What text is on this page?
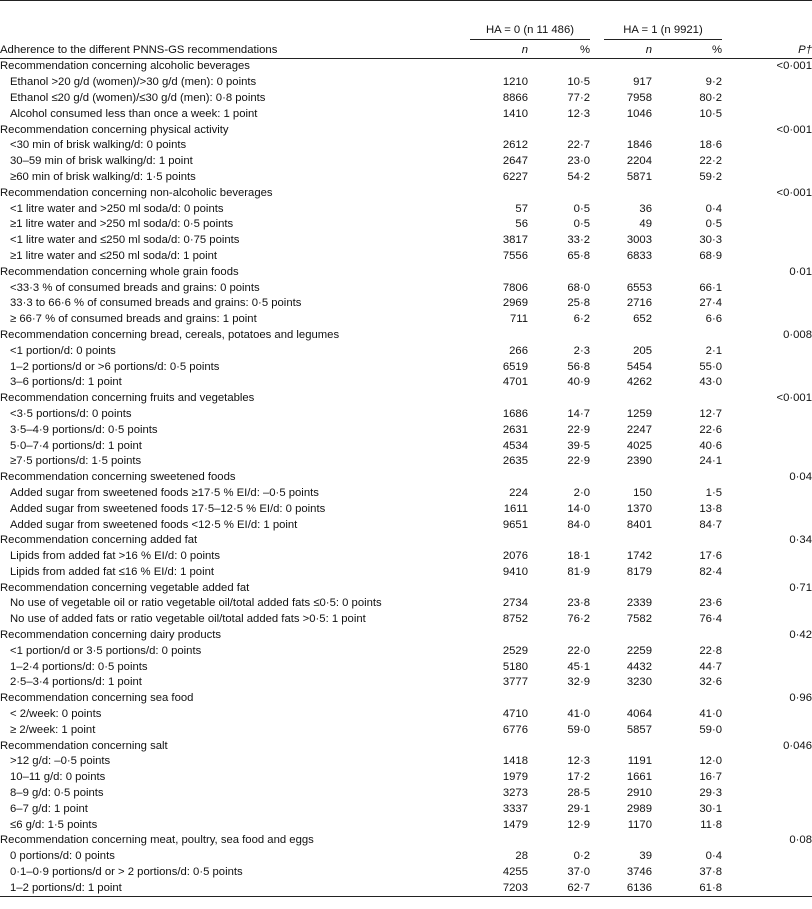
	HA = 0 (n 11 486)			HA = 1 (n 9921)		

Adherence to the different PNNS-GS recommendations	n	%		n	%	P†
Recommendation concerning alcoholic beverages						<0·001
Ethanol >20 g/d (women)/>30 g/d (men): 0 points	1210	10·5		917	9·2	
Ethanol ≤20 g/d (women)/≤30 g/d (men): 0·8 points	8866	77·2		7958	80·2	
Alcohol consumed less than once a week: 1 point	1410	12·3		1046	10·5	
Recommendation concerning physical activity						<0·001
<30 min of brisk walking/d: 0 points	2612	22·7		1846	18·6	
30–59 min of brisk walking/d: 1 point	2647	23·0		2204	22·2	
≥60 min of brisk walking/d: 1·5 points	6227	54·2		5871	59·2	
Recommendation concerning non-alcoholic beverages						<0·001
<1 litre water and >250 ml soda/d: 0 points	57	0·5		36	0·4	
≥1 litre water and >250 ml soda/d: 0·5 points	56	0·5		49	0·5	
<1 litre water and ≤250 ml soda/d: 0·75 points	3817	33·2		3003	30·3	
≥1 litre water and ≤250 ml soda/d: 1 point	7556	65·8		6833	68·9	
Recommendation concerning whole grain foods						0·01
<33·3 % of consumed breads and grains: 0 points	7806	68·0		6553	66·1	
33·3 to 66·6 % of consumed breads and grains: 0·5 points	2969	25·8		2716	27·4	
≥ 66·7 % of consumed breads and grains: 1 point	711	6·2		652	6·6	
Recommendation concerning bread, cereals, potatoes and legumes						0·008
<1 portion/d: 0 points	266	2·3		205	2·1	
1–2 portions/d or >6 portions/d: 0·5 points	6519	56·8		5454	55·0	
3–6 portions/d: 1 point	4701	40·9		4262	43·0	
Recommendation concerning fruits and vegetables						<0·001
<3·5 portions/d: 0 points	1686	14·7		1259	12·7	
3·5–4·9 portions/d: 0·5 points	2631	22·9		2247	22·6	
5·0–7·4 portions/d: 1 point	4534	39·5		4025	40·6	
≥7·5 portions/d: 1·5 points	2635	22·9		2390	24·1	
Recommendation concerning sweetened foods						0·04
Added sugar from sweetened foods ≥17·5 % EI/d: –0·5 points	224	2·0		150	1·5	
Added sugar from sweetened foods 17·5–12·5 % EI/d: 0 points	1611	14·0		1370	13·8	
Added sugar from sweetened foods <12·5 % EI/d: 1 point	9651	84·0		8401	84·7	
Recommendation concerning added fat						0·34
Lipids from added fat >16 % EI/d: 0 points	2076	18·1		1742	17·6	
Lipids from added fat ≤16 % EI/d: 1 point	9410	81·9		8179	82·4	
Recommendation concerning vegetable added fat						0·71
No use of vegetable oil or ratio vegetable oil/total added fats ≤0·5: 0 points	2734	23·8		2339	23·6	
No use of added fats or ratio vegetable oil/total added fats >0·5: 1 point	8752	76·2		7582	76·4	
Recommendation concerning dairy products						0·42
<1 portion/d or 3·5 portions/d: 0 points	2529	22·0		2259	22·8	
1–2·4 portions/d: 0·5 points	5180	45·1		4432	44·7	
2·5–3·4 portions/d: 1 point	3777	32·9		3230	32·6	
Recommendation concerning sea food						0·96
< 2/week: 0 points	4710	41·0		4064	41·0	
≥ 2/week: 1 point	6776	59·0		5857	59·0	
Recommendation concerning salt						0·046
>12 g/d: –0·5 points	1418	12·3		1191	12·0	
10–11 g/d: 0 points	1979	17·2		1661	16·7	
8–9 g/d: 0·5 points	3273	28·5		2910	29·3	
6–7 g/d: 1 point	3337	29·1		2989	30·1	
≤6 g/d: 1·5 points	1479	12·9		1170	11·8	
Recommendation concerning meat, poultry, sea food and eggs						0·08
0 portions/d: 0 points	28	0·2		39	0·4	
0·1–0·9 portions/d or > 2 portions/d: 0·5 points	4255	37·0		3746	37·8	
1–2 portions/d: 1 point	7203	62·7		6136	61·8	
